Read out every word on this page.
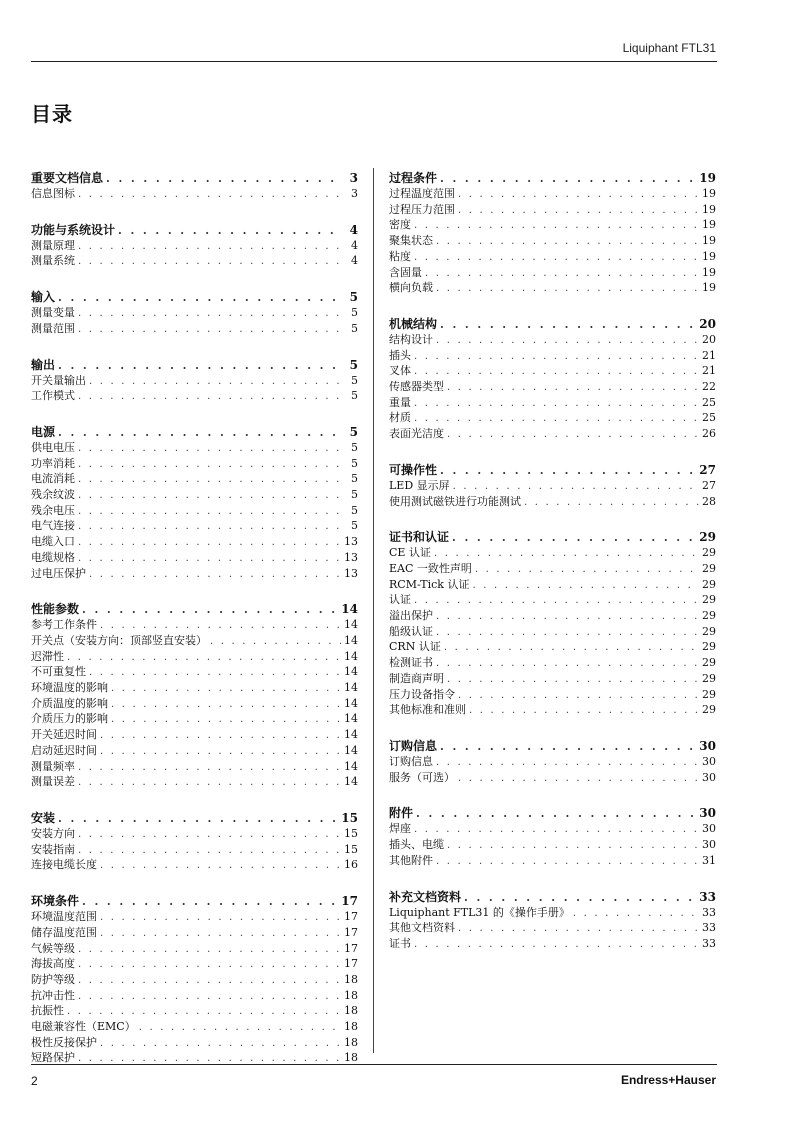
Liquiphant FTL31
目录
重要文档信息 . . .	3
信息图标 . . .	3
功能与系统设计 . . .	4
测量原理 . . .	4
测量系统 . . .	4
输入 . . .	5
测量变量 . . .	5
测量范围 . . .	5
输出 . . .	5
开关量输出 . . .	5
工作模式 . . .	5
电源 . . .	5
供电电压 . . .	5
功率消耗 . . .	5
电流消耗 . . .	5
残余纹波 . . .	5
残余电压 . . .	5
电气连接 . . .	5
电缆入口 . . .	13
电缆规格 . . .	13
过电压保护 . . .	13
性能参数 . . .	14
参考工作条件 . . .	14
开关点（安装方向：顶部竖直安装） . . .	14
迟滞性 . . .	14
不可重复性 . . .	14
环境温度的影响 . . .	14
介质温度的影响 . . .	14
介质压力的影响 . . .	14
开关延迟时间 . . .	14
启动延迟时间 . . .	14
测量频率 . . .	14
测量误差 . . .	14
安装 . . .	15
安装方向 . . .	15
安装指南 . . .	15
连接电缆长度 . . .	16
环境条件 . . .	17
环境温度范围 . . .	17
储存温度范围 . . .	17
气候等级 . . .	17
海拔高度 . . .	17
防护等级 . . .	18
抗冲击性 . . .	18
抗振性 . . .	18
电磁兼容性（EMC） . . .	18
极性反接保护 . . .	18
短路保护 . . .	18
过程条件 . . .	19
过程温度范围 . . .	19
过程压力范围 . . .	19
密度 . . .	19
聚集状态 . . .	19
粘度 . . .	19
含固量 . . .	19
横向负载 . . .	19
机械结构 . . .	20
结构设计 . . .	20
插头 . . .	21
叉体 . . .	21
传感器类型 . . .	22
重量 . . .	25
材质 . . .	25
表面光洁度 . . .	26
可操作性 . . .	27
LED 显示屏 . . .	27
使用测试磁铁进行功能测试 . . .	28
证书和认证 . . .	29
CE 认证 . . .	29
EAC 一致性声明 . . .	29
RCM-Tick 认证 . . .	29
认证 . . .	29
溢出保护 . . .	29
船级认证 . . .	29
CRN 认证 . . .	29
检测证书 . . .	29
制造商声明 . . .	29
压力设备指令 . . .	29
其他标准和准则 . . .	29
订购信息 . . .	30
订购信息 . . .	30
服务（可选） . . .	30
附件 . . .	30
焊座 . . .	30
插头、电缆 . . .	30
其他附件 . . .	31
补充文档资料 . . .	33
Liquiphant FTL31 的《操作手册》 . . .	33
其他文档资料 . . .	33
证书 . . .	33
2	Endress+Hauser
